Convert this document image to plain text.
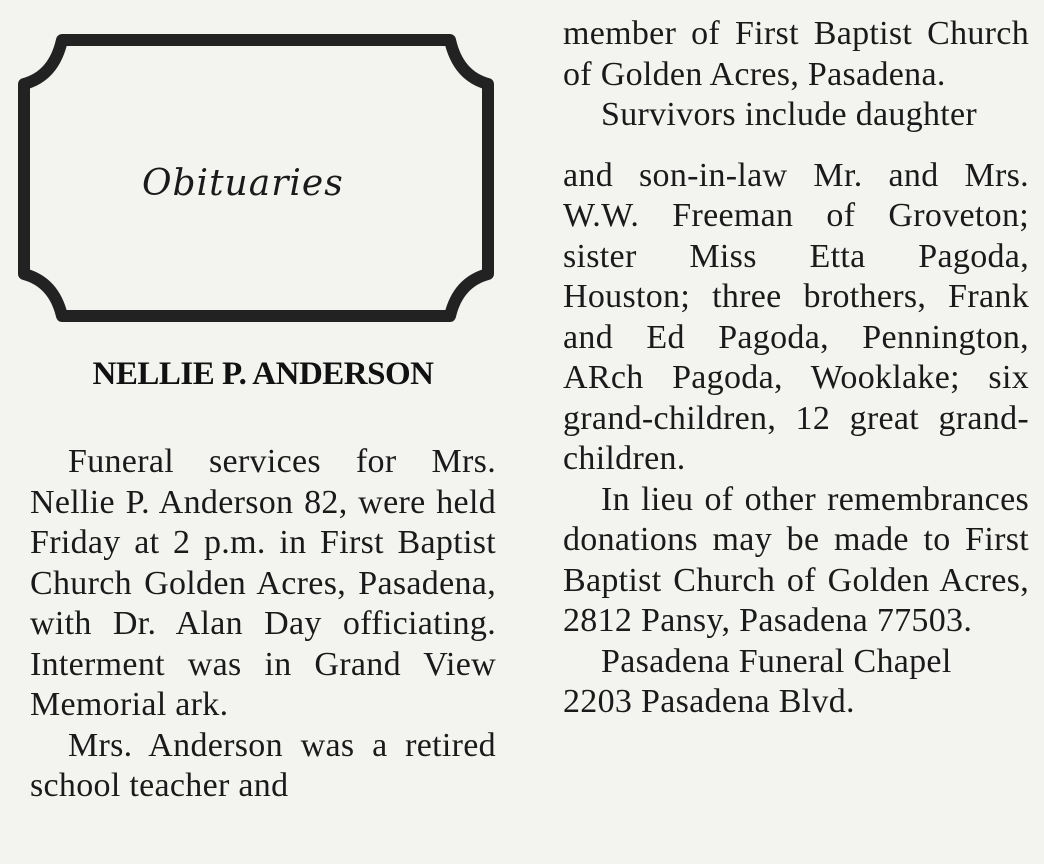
Obituaries
NELLIE P. ANDERSON

Funeral services for Mrs. Nellie P. Anderson 82, were held Friday at 2 p.m. in First Baptist Church Golden Acres, Pasadena, with Dr. Alan Day officiating. Interment was in Grand View Memorial ark.

Mrs. Anderson was a retired school teacher and

member of First Baptist Church of Golden Acres, Pasadena.

Survivors include daughter

and son-in-law Mr. and Mrs. W.W. Freeman of Groveton; sister Miss Etta Pagoda, Houston; three brothers, Frank and Ed Pagoda, Pennington, ARch Pagoda, Wooklake; six grand-children, 12 great grand-children.

In lieu of other remembrances donations may be made to First Baptist Church of Golden Acres, 2812 Pansy, Pasadena 77503.

Pasadena Funeral Chapel

2203 Pasadena Blvd.
